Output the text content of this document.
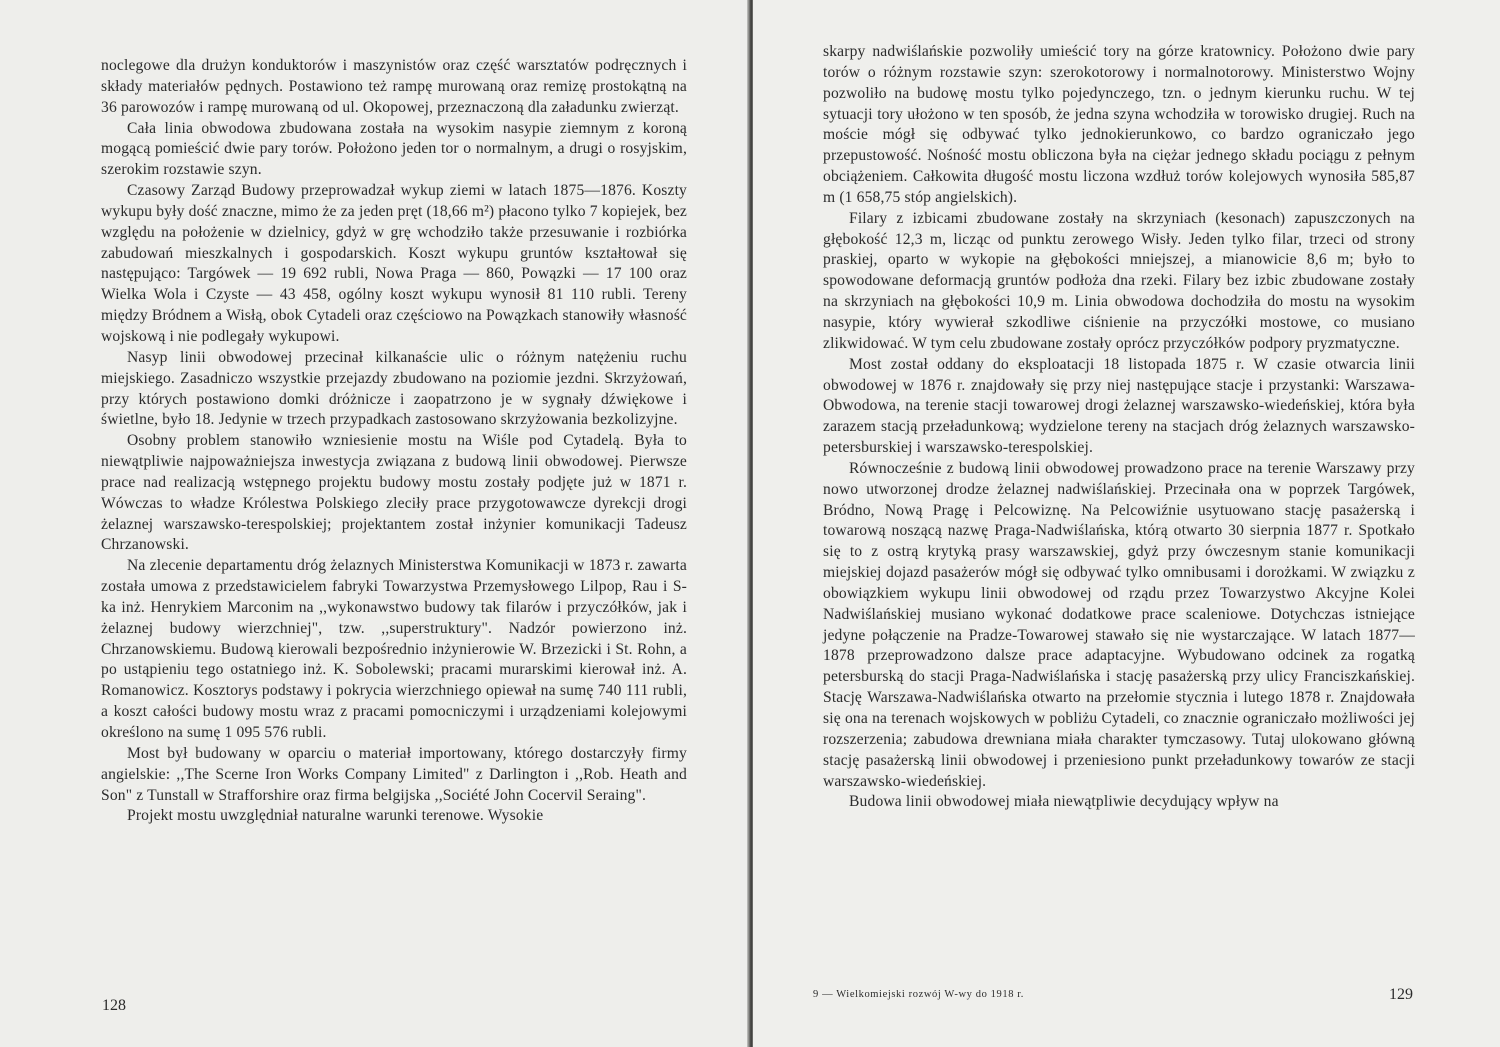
noclegowe dla drużyn konduktorów i maszynistów oraz część warsztatów podręcznych i składy materiałów pędnych. Postawiono też rampę murowaną oraz remizę prostokątną na 36 parowozów i rampę murowaną od ul. Okopowej, przeznaczoną dla załadunku zwierząt.

Cała linia obwodowa zbudowana została na wysokim nasypie ziemnym z koroną mogącą pomieścić dwie pary torów. Położono jeden tor o normalnym, a drugi o rosyjskim, szerokim rozstawie szyn.

Czasowy Zarząd Budowy przeprowadzał wykup ziemi w latach 1875—1876. Koszty wykupu były dość znaczne, mimo że za jeden pręt (18,66 m²) płacono tylko 7 kopiejek, bez względu na położenie w dzielnicy, gdyż w grę wchodziło także przesuwanie i rozbiórka zabudowań mieszkalnych i gospodarskich. Koszt wykupu gruntów kształtował się następująco: Targówek — 19 692 rubli, Nowa Praga — 860, Powązki — 17 100 oraz Wielka Wola i Czyste — 43 458, ogólny koszt wykupu wynosił 81 110 rubli. Tereny między Bródnem a Wisłą, obok Cytadeli oraz częściowo na Powązkach stanowiły własność wojskową i nie podlegały wykupowi.

Nasyp linii obwodowej przecinał kilkanaście ulic o różnym natężeniu ruchu miejskiego. Zasadniczo wszystkie przejazdy zbudowano na poziomie jezdni. Skrzyżowań, przy których postawiono domki dróżnicze i zaopatrzono je w sygnały dźwiękowe i świetlne, było 18. Jedynie w trzech przypadkach zastosowano skrzyżowania bezkolizyjne.

Osobny problem stanowiło wzniesienie mostu na Wiśle pod Cytadelą. Była to niewątpliwie najpoważniejsza inwestycja związana z budową linii obwodowej. Pierwsze prace nad realizacją wstępnego projektu budowy mostu zostały podjęte już w 1871 r. Wówczas to władze Królestwa Polskiego zleciły prace przygotowawcze dyrekcji drogi żelaznej warszawsko-terespolskiej; projektantem został inżynier komunikacji Tadeusz Chrzanowski.

Na zlecenie departamentu dróg żelaznych Ministerstwa Komunikacji w 1873 r. zawarta została umowa z przedstawicielem fabryki Towarzystwa Przemysłowego Lilpop, Rau i S-ka inż. Henrykiem Marconim na ,,wykonawstwo budowy tak filarów i przyczółków, jak i żelaznej budowy wierzchniej", tzw. ,,superstruktury". Nadzór powierzono inż. Chrzanowskiemu. Budową kierowali bezpośrednio inżynierowie W. Brzezicki i St. Rohn, a po ustąpieniu tego ostatniego inż. K. Sobolewski; pracami murarskimi kierował inż. A. Romanowicz. Kosztorys podstawy i pokrycia wierzchniego opiewał na sumę 740 111 rubli, a koszt całości budowy mostu wraz z pracami pomocniczymi i urządzeniami kolejowymi określono na sumę 1 095 576 rubli.

Most był budowany w oparciu o materiał importowany, którego dostarczyły firmy angielskie: ,,The Scerne Iron Works Company Limited" z Darlington i ,,Rob. Heath and Son" z Tunstall w Strafforshire oraz firma belgijska ,,Société John Cocervil Seraing".

Projekt mostu uwzględniał naturalne warunki terenowe. Wysokie

128

skarpy nadwiślańskie pozwoliły umieścić tory na górze kratownicy. Położono dwie pary torów o różnym rozstawie szyn: szerokotorowy i normalnotorowy. Ministerstwo Wojny pozwoliło na budowę mostu tylko pojedynczego, tzn. o jednym kierunku ruchu. W tej sytuacji tory ułożono w ten sposób, że jedna szyna wchodziła w torowisko drugiej. Ruch na moście mógł się odbywać tylko jednokierunkowo, co bardzo ograniczało jego przepustowość. Nośność mostu obliczona była na ciężar jednego składu pociągu z pełnym obciążeniem. Całkowita długość mostu liczona wzdłuż torów kolejowych wynosiła 585,87 m (1 658,75 stóp angielskich).

Filary z izbicami zbudowane zostały na skrzyniach (kesonach) zapuszczonych na głębokość 12,3 m, licząc od punktu zerowego Wisły. Jeden tylko filar, trzeci od strony praskiej, oparto w wykopie na głębokości mniejszej, a mianowicie 8,6 m; było to spowodowane deformacją gruntów podłoża dna rzeki. Filary bez izbic zbudowane zostały na skrzyniach na głębokości 10,9 m. Linia obwodowa dochodziła do mostu na wysokim nasypie, który wywierał szkodliwe ciśnienie na przyczółki mostowe, co musiano zlikwidować. W tym celu zbudowane zostały oprócz przyczółków podpory pryzmatyczne.

Most został oddany do eksploatacji 18 listopada 1875 r. W czasie otwarcia linii obwodowej w 1876 r. znajdowały się przy niej następujące stacje i przystanki: Warszawa-Obwodowa, na terenie stacji towarowej drogi żelaznej warszawsko-wiedeńskiej, która była zarazem stacją przeładunkową; wydzielone tereny na stacjach dróg żelaznych warszawsko-petersburskiej i warszawsko-terespolskiej.

Równocześnie z budową linii obwodowej prowadzono prace na terenie Warszawy przy nowo utworzonej drodze żelaznej nadwiślańskiej. Przecinała ona w poprzek Targówek, Bródno, Nową Pragę i Pelcowiznę. Na Pelcowiźnie usytuowano stację pasażerską i towarową noszącą nazwę Praga-Nadwiślańska, którą otwarto 30 sierpnia 1877 r. Spotkało się to z ostrą krytyką prasy warszawskiej, gdyż przy ówczesnym stanie komunikacji miejskiej dojazd pasażerów mógł się odbywać tylko omnibusami i dorożkami. W związku z obowiązkiem wykupu linii obwodowej od rządu przez Towarzystwo Akcyjne Kolei Nadwiślańskiej musiano wykonać dodatkowe prace scaleniowe. Dotychczas istniejące jedyne połączenie na Pradze-Towarowej stawało się nie wystarczające. W latach 1877—1878 przeprowadzono dalsze prace adaptacyjne. Wybudowano odcinek za rogatką petersburską do stacji Praga-Nadwiślańska i stację pasażerską przy ulicy Franciszkańskiej. Stację Warszawa-Nadwiślańska otwarto na przełomie stycznia i lutego 1878 r. Znajdowała się ona na terenach wojskowych w pobliżu Cytadeli, co znacznie ograniczało możliwości jej rozszerzenia; zabudowa drewniana miała charakter tymczasowy. Tutaj ulokowano główną stację pasażerską linii obwodowej i przeniesiono punkt przeładunkowy towarów ze stacji warszawsko-wiedeńskiej.

Budowa linii obwodowej miała niewątpliwie decydujący wpływ na

9 — Wielkomiejski rozwój W-wy do 1918 r.	129
